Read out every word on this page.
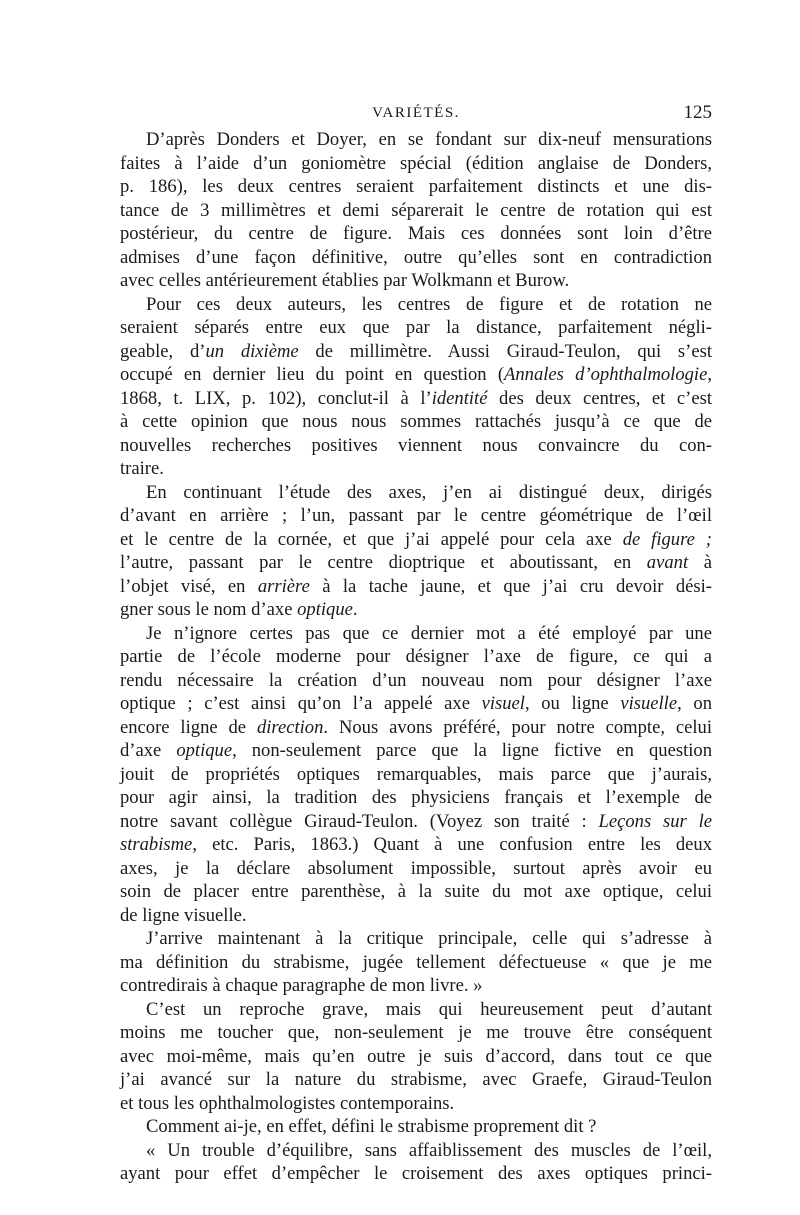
VARIÉTÉS.	125
D’après Donders et Doyer, en se fondant sur dix-neuf mensurations
faites à l’aide d’un goniomètre spécial (édition anglaise de Donders,
p. 186), les deux centres seraient parfaitement distincts et une dis-
tance de 3 millimètres et demi séparerait le centre de rotation qui est
postérieur, du centre de figure. Mais ces données sont loin d’être
admises d’une façon définitive, outre qu’elles sont en contradiction
avec celles antérieurement établies par Wolkmann et Burow.
Pour ces deux auteurs, les centres de figure et de rotation ne
seraient séparés entre eux que par la distance, parfaitement négli-
geable, d’un dixième de millimètre. Aussi Giraud-Teulon, qui s’est
occupé en dernier lieu du point en question (Annales d’ophthalmologie,
1868, t. LIX, p. 102), conclut-il à l’identité des deux centres, et c’est
à cette opinion que nous nous sommes rattachés jusqu’à ce que de
nouvelles recherches positives viennent nous convaincre du con-
traire.
En continuant l’étude des axes, j’en ai distingué deux, dirigés
d’avant en arrière ; l’un, passant par le centre géométrique de l’œil
et le centre de la cornée, et que j’ai appelé pour cela axe de figure ;
l’autre, passant par le centre dioptrique et aboutissant, en avant à
l’objet visé, en arrière à la tache jaune, et que j’ai cru devoir dési-
gner sous le nom d’axe optique.
Je n’ignore certes pas que ce dernier mot a été employé par une
partie de l’école moderne pour désigner l’axe de figure, ce qui a
rendu nécessaire la création d’un nouveau nom pour désigner l’axe
optique ; c’est ainsi qu’on l’a appelé axe visuel, ou ligne visuelle, on
encore ligne de direction. Nous avons préféré, pour notre compte, celui
d’axe optique, non-seulement parce que la ligne fictive en question
jouit de propriétés optiques remarquables, mais parce que j’aurais,
pour agir ainsi, la tradition des physiciens français et l’exemple de
notre savant collègue Giraud-Teulon. (Voyez son traité : Leçons sur le
strabisme, etc. Paris, 1863.) Quant à une confusion entre les deux
axes, je la déclare absolument impossible, surtout après avoir eu
soin de placer entre parenthèse, à la suite du mot axe optique, celui
de ligne visuelle.
J’arrive maintenant à la critique principale, celle qui s’adresse à
ma définition du strabisme, jugée tellement défectueuse « que je me
contredirais à chaque paragraphe de mon livre. »
C’est un reproche grave, mais qui heureusement peut d’autant
moins me toucher que, non-seulement je me trouve être conséquent
avec moi-même, mais qu’en outre je suis d’accord, dans tout ce que
j’ai avancé sur la nature du strabisme, avec Graefe, Giraud-Teulon
et tous les ophthalmologistes contemporains.
Comment ai-je, en effet, défini le strabisme proprement dit ?
« Un trouble d’équilibre, sans affaiblissement des muscles de l’œil,
ayant pour effet d’empêcher le croisement des axes optiques princi-
